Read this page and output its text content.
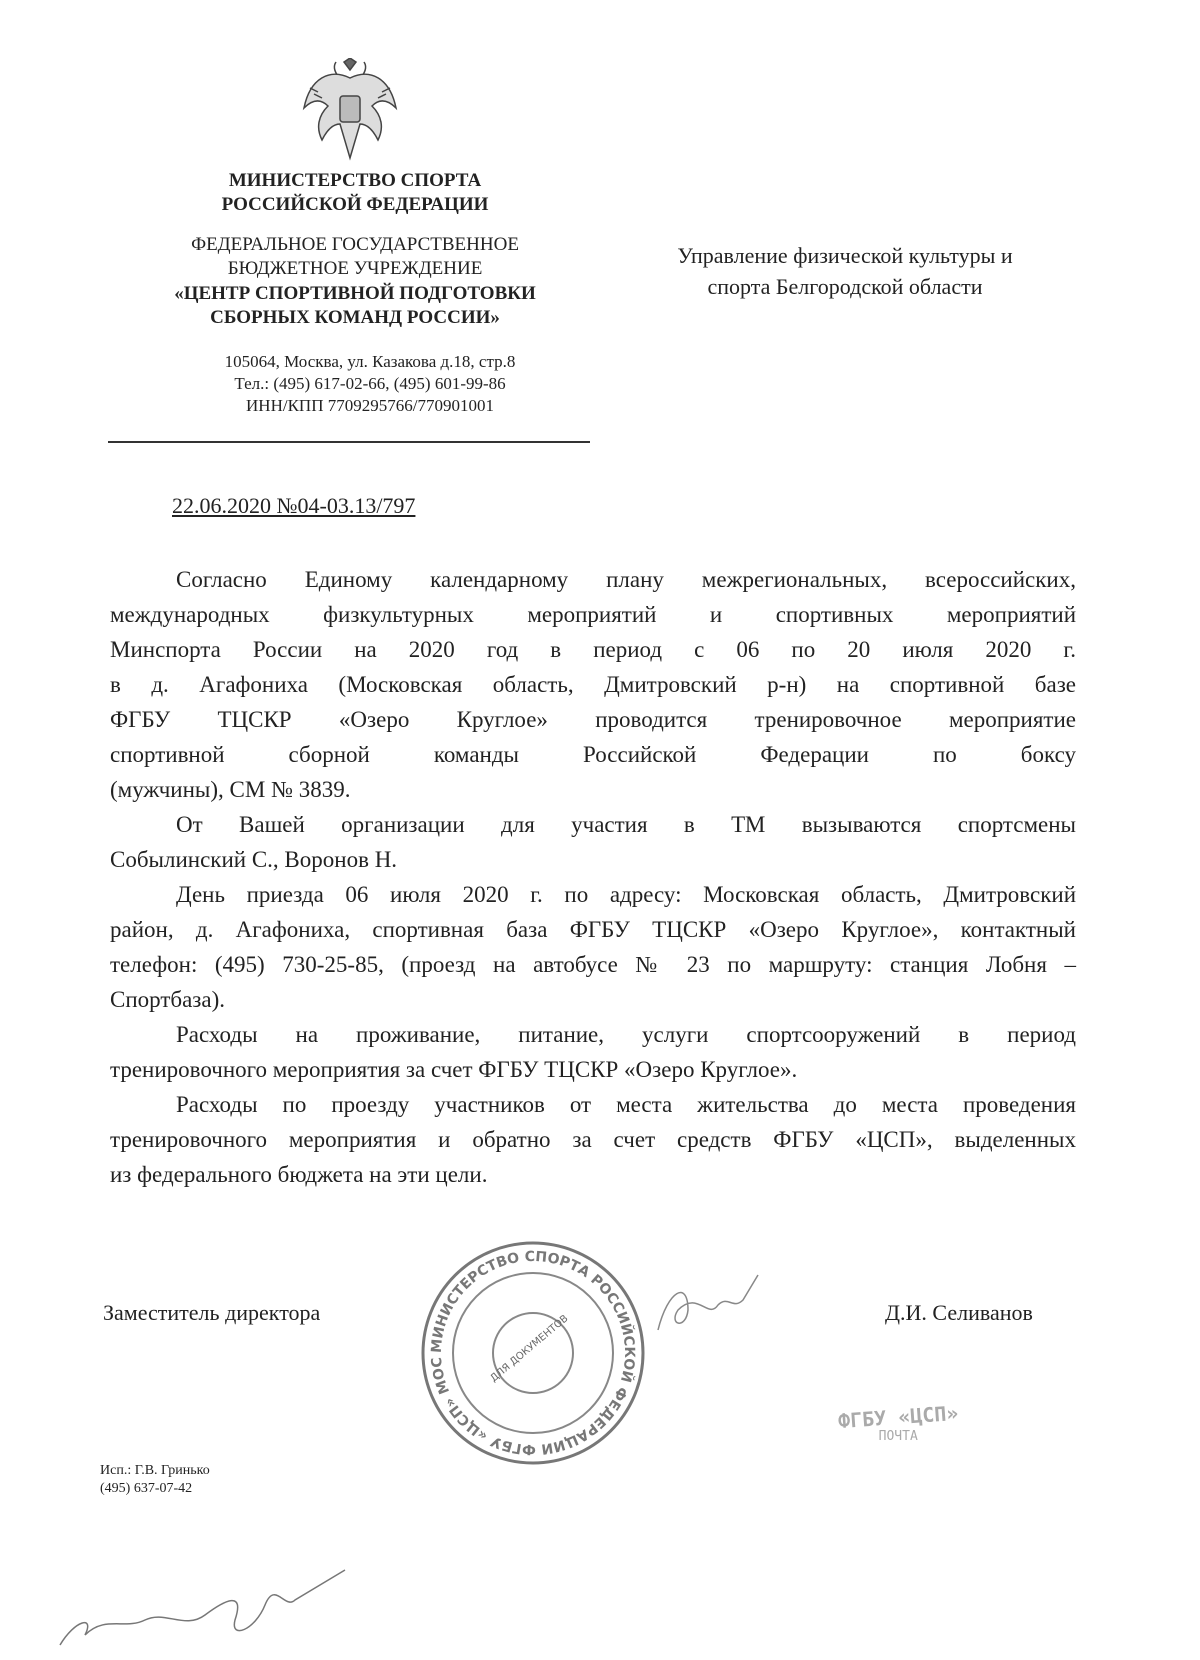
МИНИСТЕРСТВО СПОРТА
РОССИЙСКОЙ ФЕДЕРАЦИИ
ФЕДЕРАЛЬНОЕ ГОСУДАРСТВЕННОЕ
БЮДЖЕТНОЕ УЧРЕЖДЕНИЕ
«ЦЕНТР СПОРТИВНОЙ ПОДГОТОВКИ
СБОРНЫХ КОМАНД РОССИИ»
105064, Москва, ул. Казакова д.18, стр.8
Тел.: (495) 617-02-66, (495) 601-99-86
ИНН/КПП 7709295766/770901001
Управление физической культуры и
спорта Белгородской области
22.06.2020 №04-03.13/797
Согласно Единому календарному плану межрегиональных, всероссийских,
международных физкультурных мероприятий и спортивных мероприятий
Минспорта России на 2020 год в период с 06 по 20 июля 2020 г.
в д. Агафониха (Московская область, Дмитровский р-н) на спортивной базе
ФГБУ ТЦСКР «Озеро Круглое» проводится тренировочное мероприятие
спортивной сборной команды Российской Федерации по боксу
(мужчины), СМ № 3839.
От Вашей организации для участия в ТМ вызываются спортсмены
Собылинский С., Воронов Н.
День приезда 06 июля 2020 г. по адресу: Московская область, Дмитровский
район, д. Агафониха, спортивная база ФГБУ ТЦСКР «Озеро Круглое», контактный
телефон: (495) 730-25-85, (проезд на автобусе № 23 по маршруту: станция Лобня –
Спортбаза).
Расходы на проживание, питание, услуги спортсооружений в период
тренировочного мероприятия за счет ФГБУ ТЦСКР «Озеро Круглое».
Расходы по проезду участников от места жительства до места проведения
тренировочного мероприятия и обратно за счет средств ФГБУ «ЦСП», выделенных
из федерального бюджета на эти цели.
Заместитель директора	Д.И. Селиванов
МИНИСТЕРСТВО СПОРТА РОССИЙСКОЙ ФЕДЕРАЦИИ ФГБУ «ЦСП» МОС	ДЛЯ ДОКУМЕНТОВ
ФГБУ «ЦСП»
ПОЧТА
Исп.: Г.В. Гринько
(495) 637-07-42
